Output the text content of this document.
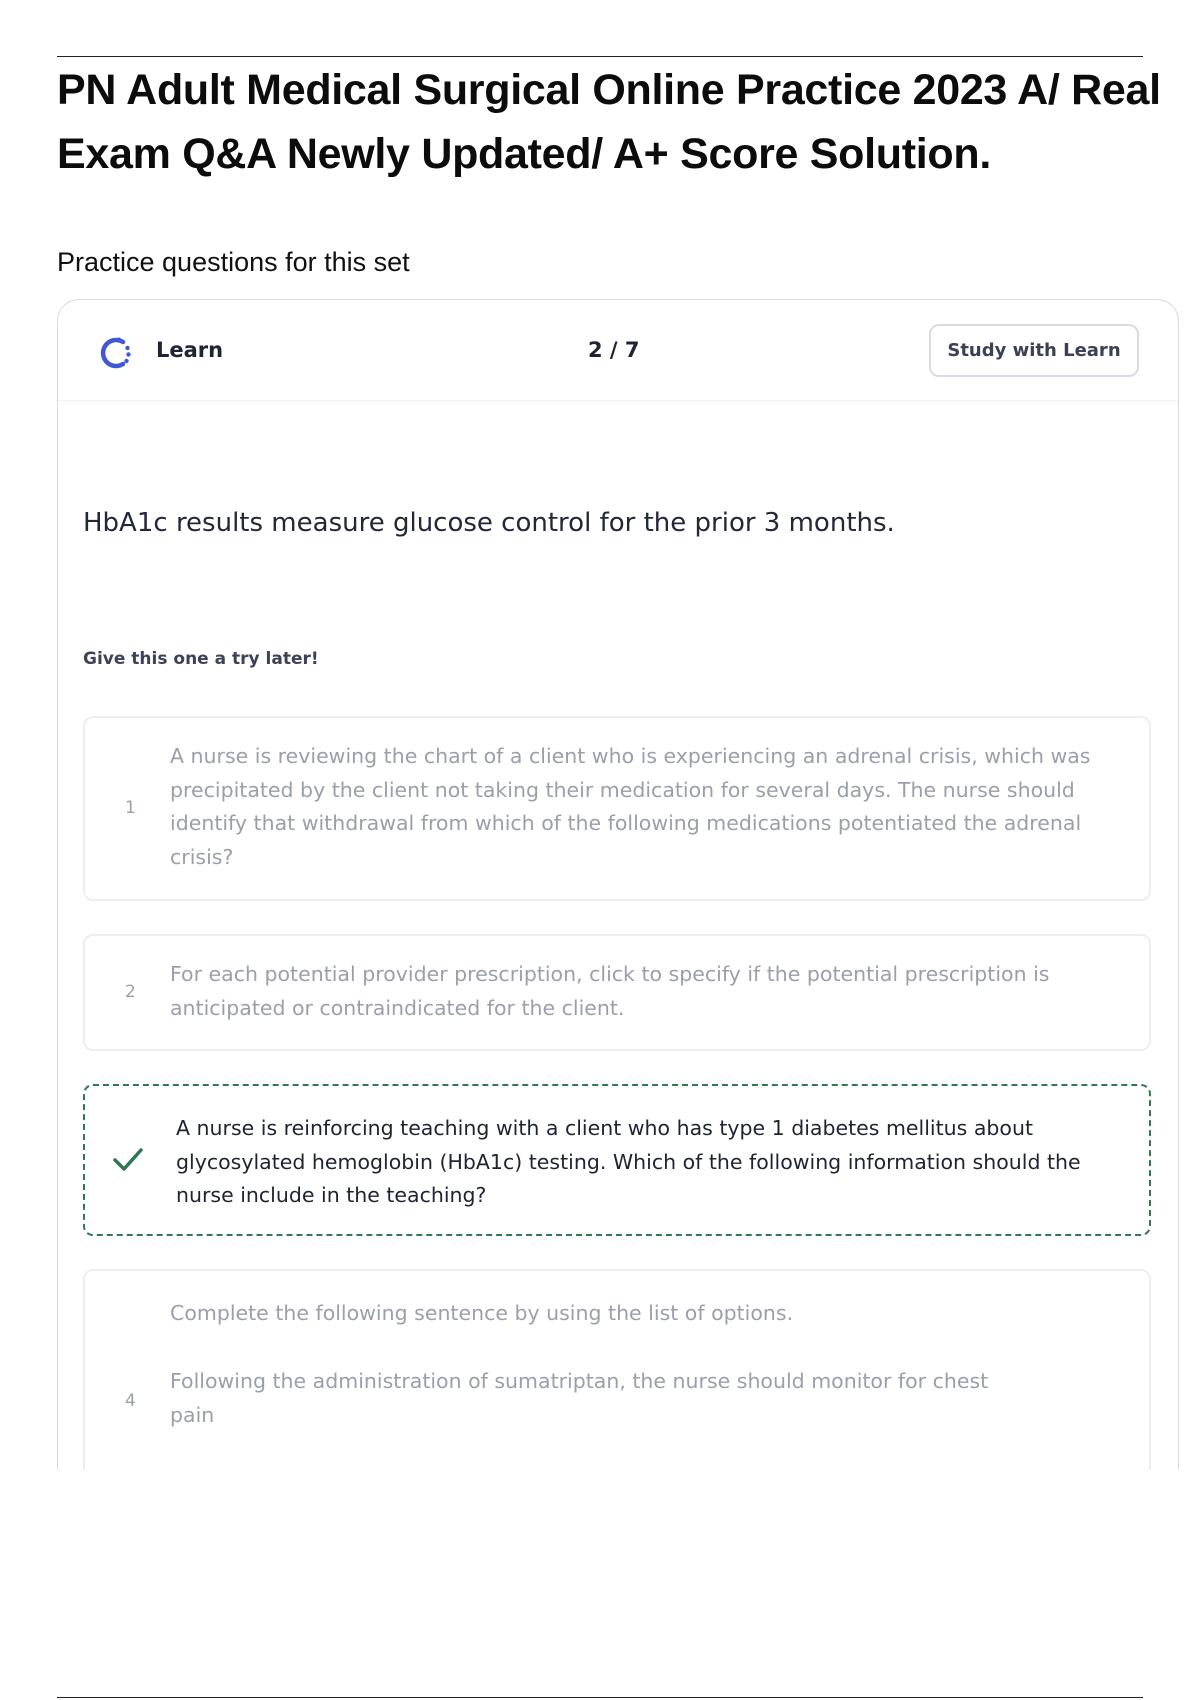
PN Adult Medical Surgical Online Practice 2023 A/ Real Exam Q&A Newly Updated/ A+ Score Solution.
Practice questions for this set
Learn	2 / 7	Study with Learn
HbA1c results measure glucose control for the prior 3 months.
Give this one a try later!
1
A nurse is reviewing the chart of a client who is experiencing an adrenal crisis, which was precipitated by the client not taking their medication for several days. The nurse should identify that withdrawal from which of the following medications potentiated the adrenal crisis?
2
For each potential provider prescription, click to specify if the potential prescription is anticipated or contraindicated for the client.
A nurse is reinforcing teaching with a client who has type 1 diabetes mellitus about glycosylated hemoglobin (HbA1c) testing. Which of the following information should the nurse include in the teaching?
4
Complete the following sentence by using the list of options.
Following the administration of sumatriptan, the nurse should monitor for chest pain
